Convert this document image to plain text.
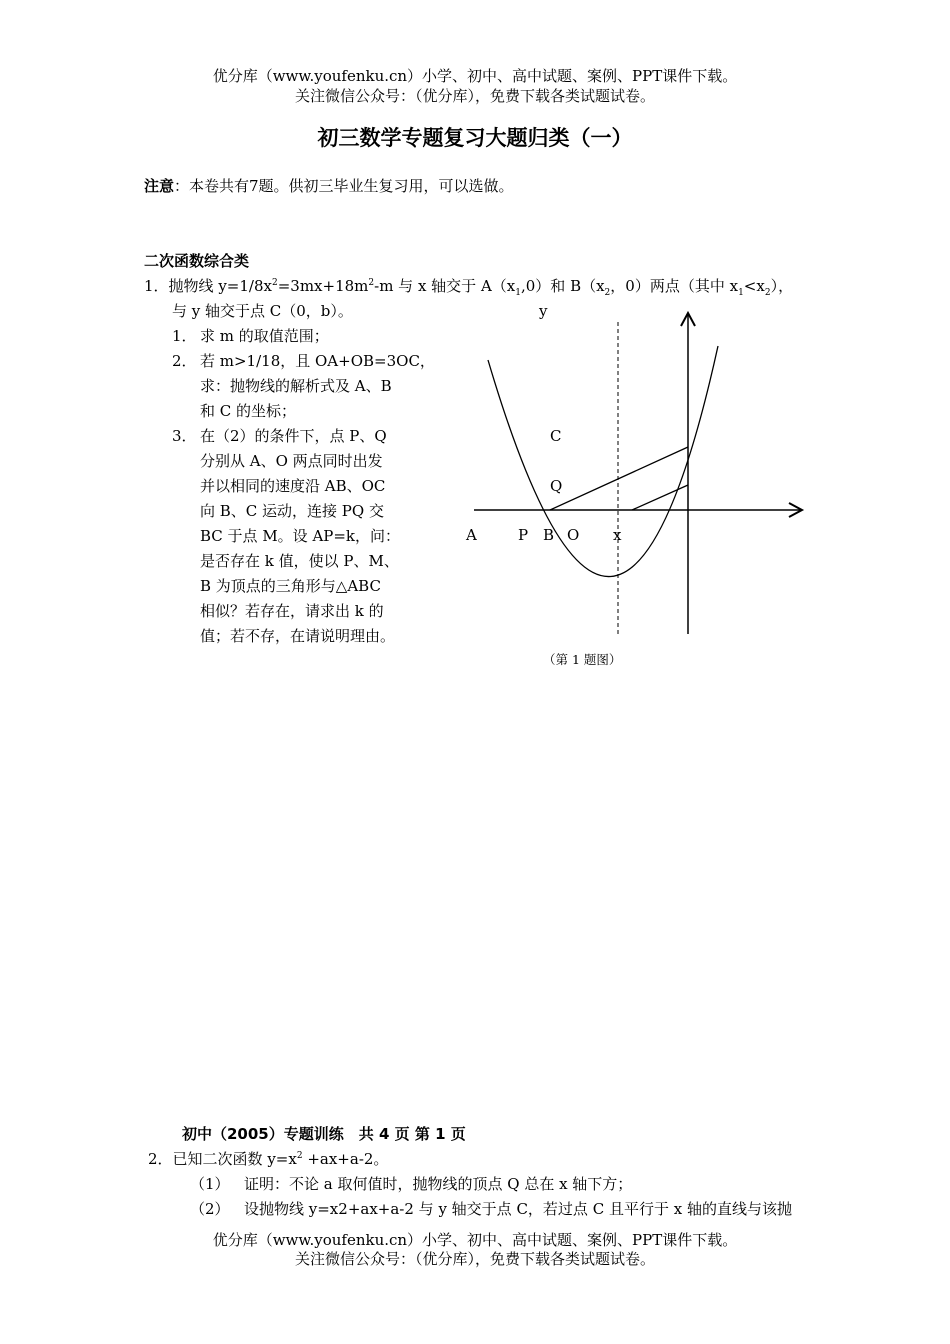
优分库（www.youfenku.cn）小学、初中、高中试题、案例、PPT课件下载。
关注微信公众号：（优分库），免费下载各类试题试卷。
初三数学专题复习大题归类（一）
注意：本卷共有7题。供初三毕业生复习用，可以选做。
二次函数综合类
1．抛物线 $y=1/8x^2=3mx+18m^2-m$ 与 x 轴交于 $A(x_1,0)$和 $B(x_2$，0）两点（其中 $x_1<x_2$），
与 y 轴交于点 C（0，b）。
1． 求 m 的取值范围；
2． 若 m>1/18，且 OA+OB=3OC，
求：抛物线的解析式及 A、B
和 C 的坐标；
3． 在（2）的条件下，点 P、Q
分别从 A、O 两点同时出发
并以相同的速度沿 AB、OC
向 B、C 运动，连接 PQ 交
BC 于点 M。设 AP=k，问：
是否存在 k 值，使以 P、M、
B 为顶点的三角形与△ABC
相似？若存在，请求出 k 的
值；若不存，在请说明理由。
y
C
Q
A	P B O x
（第 1 题图）
初中（2005）专题训练　共 4 页 第 1 页
2．已知二次函数 $y=x^2 +ax+a-2$。
（1） 证明：不论 a 取何值时，抛物线的顶点 Q 总在 x 轴下方；
（2） 设抛物线 y=x2+ax+a-2 与 y 轴交于点 C，若过点 C 且平行于 x 轴的直线与该抛
优分库（www.youfenku.cn）小学、初中、高中试题、案例、PPT课件下载。
关注微信公众号：（优分库），免费下载各类试题试卷。
